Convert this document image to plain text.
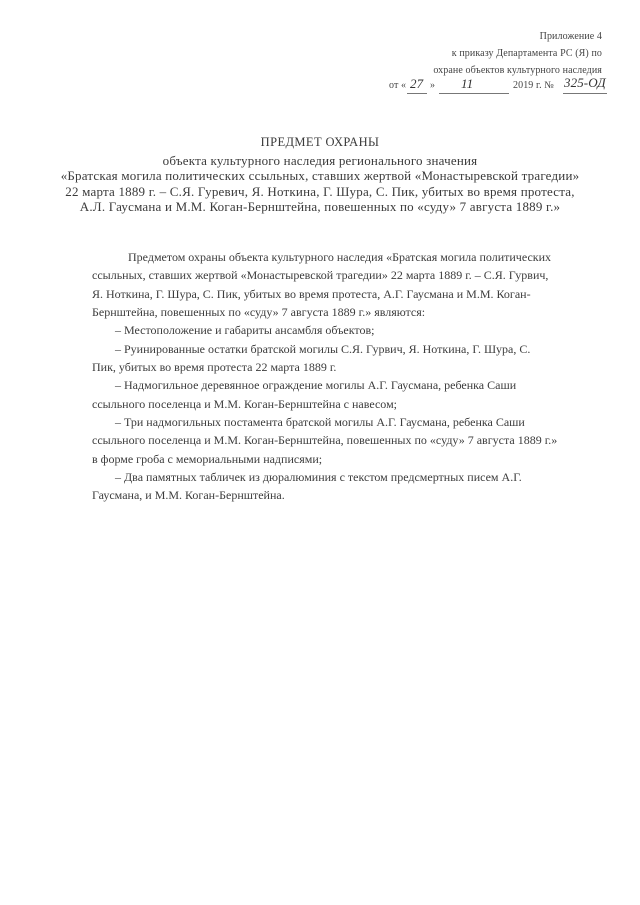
Приложение 4

к приказу Департамента РС (Я) по

охране объектов культурного наследия

от « 27 » 11	2019 г. № 325-ОД

ПРЕДМЕТ ОХРАНЫ

объекта культурного наследия регионального значения

«Братская могила политических ссыльных, ставших жертвой «Монастыревской трагедии»

22 марта 1889 г. – С.Я. Гуревич, Я. Ноткина, Г. Шура, С. Пик, убитых во время протеста,

А.Л. Гаусмана и М.М. Коган-Бернштейна, повешенных по «суду» 7 августа 1889 г.»

Предметом охраны объекта культурного наследия «Братская могила политических

ссыльных, ставших жертвой «Монастыревской трагедии» 22 марта 1889 г. – С.Я. Гурвич,

Я. Ноткина, Г. Шура, С. Пик, убитых во время протеста, А.Г. Гаусмана и М.М. Коган-

Бернштейна, повешенных по «суду» 7 августа 1889 г.» являются:

– Местоположение и габариты ансамбля объектов;

– Руинированные остатки братской могилы С.Я. Гурвич, Я. Ноткина, Г. Шура, С.

Пик, убитых во время протеста 22 марта 1889 г.

– Надмогильное деревянное ограждение могилы А.Г. Гаусмана, ребенка Саши

ссыльного поселенца и М.М. Коган-Бернштейна с навесом;

– Три надмогильных постамента братской могилы А.Г. Гаусмана, ребенка Саши

ссыльного поселенца и М.М. Коган-Бернштейна, повешенных по «суду» 7 августа 1889 г.»

в форме гроба с мемориальными надписями;

– Два памятных табличек из дюралюминия с текстом предсмертных писем А.Г.

Гаусмана, и М.М. Коган-Бернштейна.
